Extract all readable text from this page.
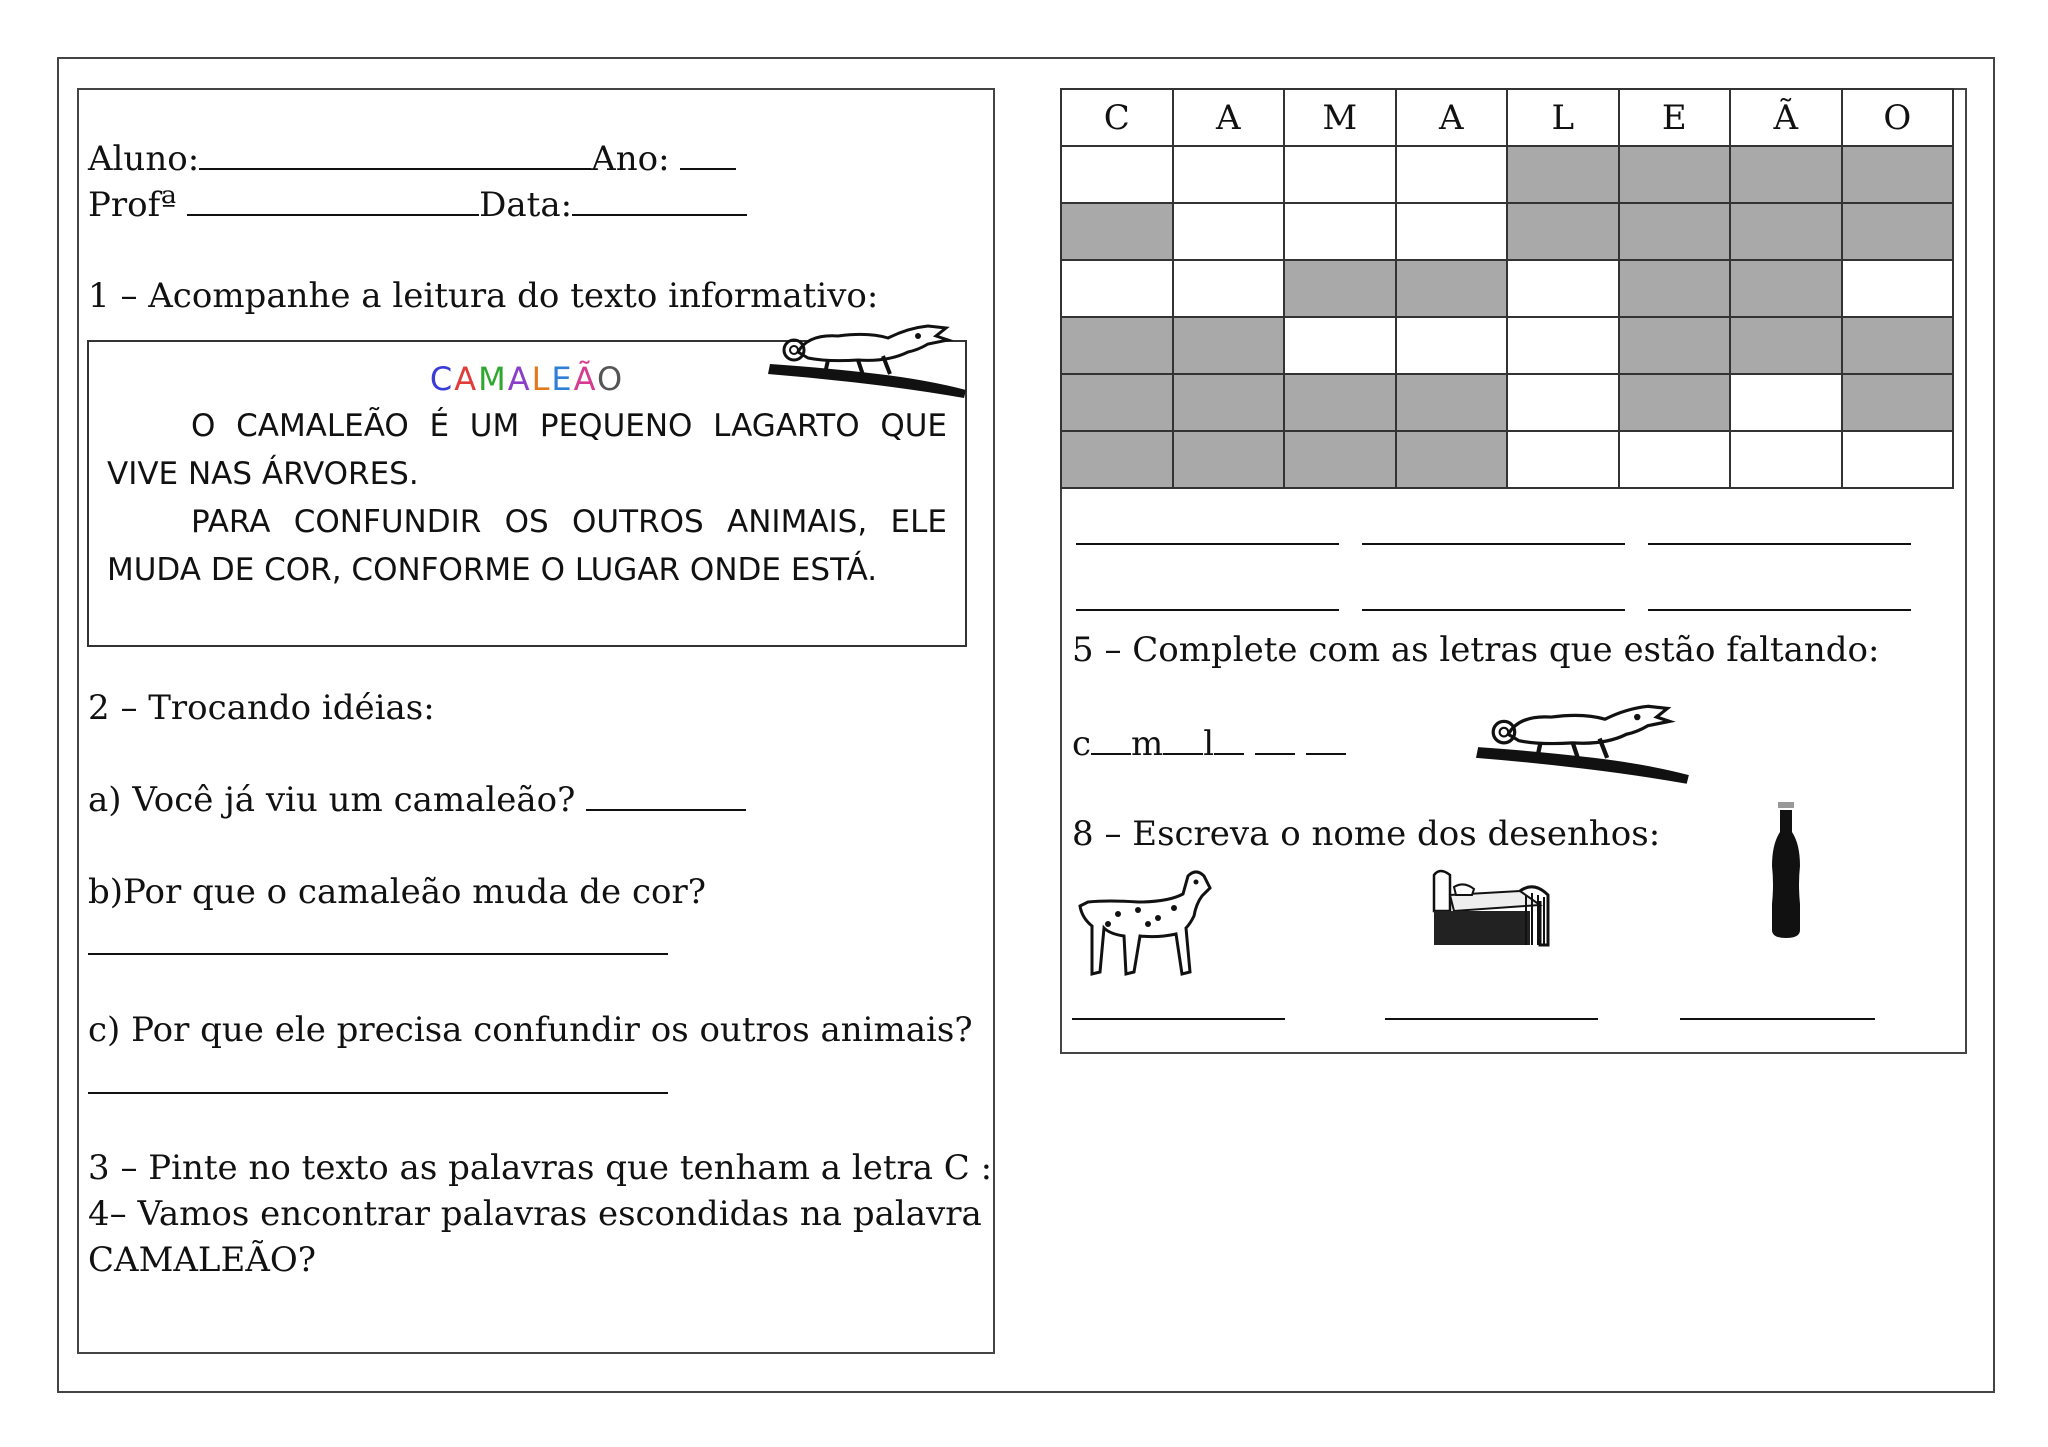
Aluno:	Ano:
Profª	Data:
1 – Acompanhe a leitura do texto informativo:
CAMALEÃO

O CAMALEÃO É UM PEQUENO LAGARTO QUE VIVE NAS ÁRVORES.

PARA CONFUNDIR OS OUTROS ANIMAIS, ELE MUDA DE COR, CONFORME O LUGAR ONDE ESTÁ.

2 – Trocando idéias:
a) Você já viu um camaleão?
b)Por que o camaleão muda de cor?
c) Por que ele precisa confundir os outros animais?
3 – Pinte no texto as palavras que tenham a letra C :
4– Vamos encontrar palavras escondidas na palavra
CAMALEÃO?
C	A	M	A	L	E	Ã	O

5 – Complete com as letras que estão faltando:
c m l
8 – Escreva o nome dos desenhos:
